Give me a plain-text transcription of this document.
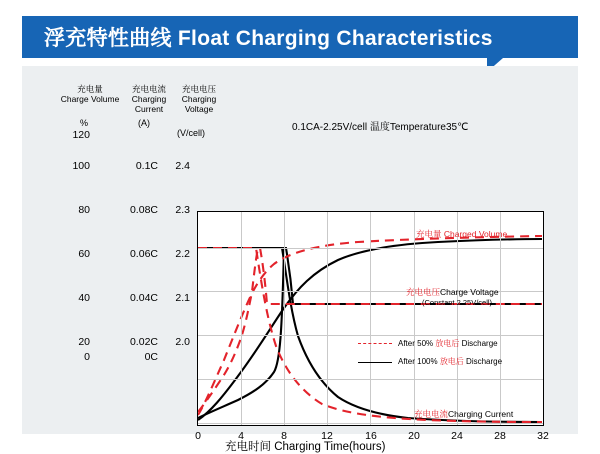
浮充特性曲线 Float Charging Characteristics
充电量
Charge Volume
充电电流
Charging Current
充电电压
Charging Voltage
%	(A)
(V/cell)	0.1CA-2.25V/cell 温度Temperature35℃
120
100
80
60
40
20
0.1C
0.08C
0.06C
0.04C
0.02C
2.4
2.3
2.2
2.1
2.0
0	0C
充电量 Charged Volume
充电电压Charge Voltage
(Constant 2.25V/cell)
充电电流Charging Current
After 50% 放电后 Discharge
After 100% 放电后 Discharge
0	4	8	12	16	20	24	28	32
充电时间 Charging Time(hours)
